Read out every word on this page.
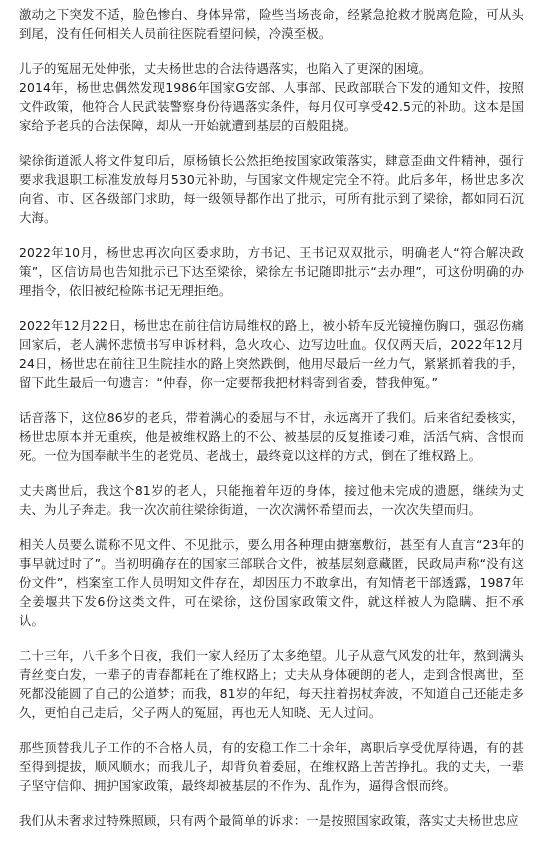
激动之下突发不适，脸色惨白、身体异常，险些当场丧命，经紧急抢救才脱离危险，可从头到尾，没有任何相关人员前往医院看望问候，冷漠至极。

儿子的冤屈无处伸张，丈夫杨世忠的合法待遇落实，也陷入了更深的困境。
2014年，杨世忠偶然发现1986年国家G安部、人事部、民政部联合下发的通知文件，按照文件政策，他符合人民武装警察身份待遇落实条件，每月仅可享受42.5元的补助。这本是国家给予老兵的合法保障，却从一开始就遭到基层的百般阻挠。

梁徐街道派人将文件复印后，原杨镇长公然拒绝按国家政策落实，肆意歪曲文件精神，强行要求我退职工标准发放每月530元补助，与国家文件规定完全不符。此后多年，杨世忠多次向省、市、区各级部门求助，每一级领导都作出了批示，可所有批示到了梁徐，都如同石沉大海。

2022年10月，杨世忠再次向区委求助，方书记、王书记双双批示，明确老人“符合解决政策”，区信访局也告知批示已下达至梁徐，梁徐左书记随即批示“去办理”，可这份明确的办理指令，依旧被纪检陈书记无理拒绝。

2022年12月22日，杨世忠在前往信访局维权的路上，被小轿车反光镜撞伤胸口，强忍伤痛回家后，老人满怀悲愤书写申诉材料，急火攻心、边写边吐血。仅仅两天后，2022年12月24日，杨世忠在前往卫生院挂水的路上突然跌倒，他用尽最后一丝力气，紧紧抓着我的手，留下此生最后一句遗言：“仲春，你一定要帮我把材料寄到省委，替我伸冤。”

话音落下，这位86岁的老兵，带着满心的委屈与不甘，永远离开了我们。后来省纪委核实，杨世忠原本并无重疾，他是被维权路上的不公、被基层的反复推诿刁难，活活气病、含恨而死。一位为国奉献半生的老党员、老战士，最终竟以这样的方式，倒在了维权路上。

丈夫离世后，我这个81岁的老人，只能拖着年迈的身体，接过他未完成的遗愿，继续为丈夫、为儿子奔走。我一次次前往梁徐街道，一次次满怀希望而去，一次次失望而归。

相关人员要么谎称不见文件、不见批示，要么用各种理由搪塞敷衍，甚至有人直言“23年的事早就过时了”。当初明确存在的国家三部联合文件，被基层刻意藏匿，民政局声称“没有这份文件”，档案室工作人员明知文件存在，却因压力不敢拿出，有知情老干部透露，1987年全姜堰共下发6份这类文件，可在梁徐，这份国家政策文件，就这样被人为隐瞒、拒不承认。

二十三年，八千多个日夜，我们一家人经历了太多绝望。儿子从意气风发的壮年，熬到满头青丝变白发，一辈子的青春都耗在了维权路上；丈夫从身体硬朗的老人，走到含恨离世，至死都没能圆了自己的公道梦；而我，81岁的年纪，每天拄着拐杖奔波，不知道自己还能走多久，更怕自己走后，父子两人的冤屈，再也无人知晓、无人过问。

那些顶替我儿子工作的不合格人员，有的安稳工作二十余年，离职后享受优厚待遇，有的甚至得到提拔，顺风顺水；而我儿子，却背负着委屈，在维权路上苦苦挣扎。我的丈夫，一辈子坚守信仰、拥护国家政策，最终却被基层的不作为、乱作为，逼得含恨而终。

我们从未奢求过特殊照顾，只有两个最简单的诉求：一是按照国家政策，落实丈夫杨世忠应
